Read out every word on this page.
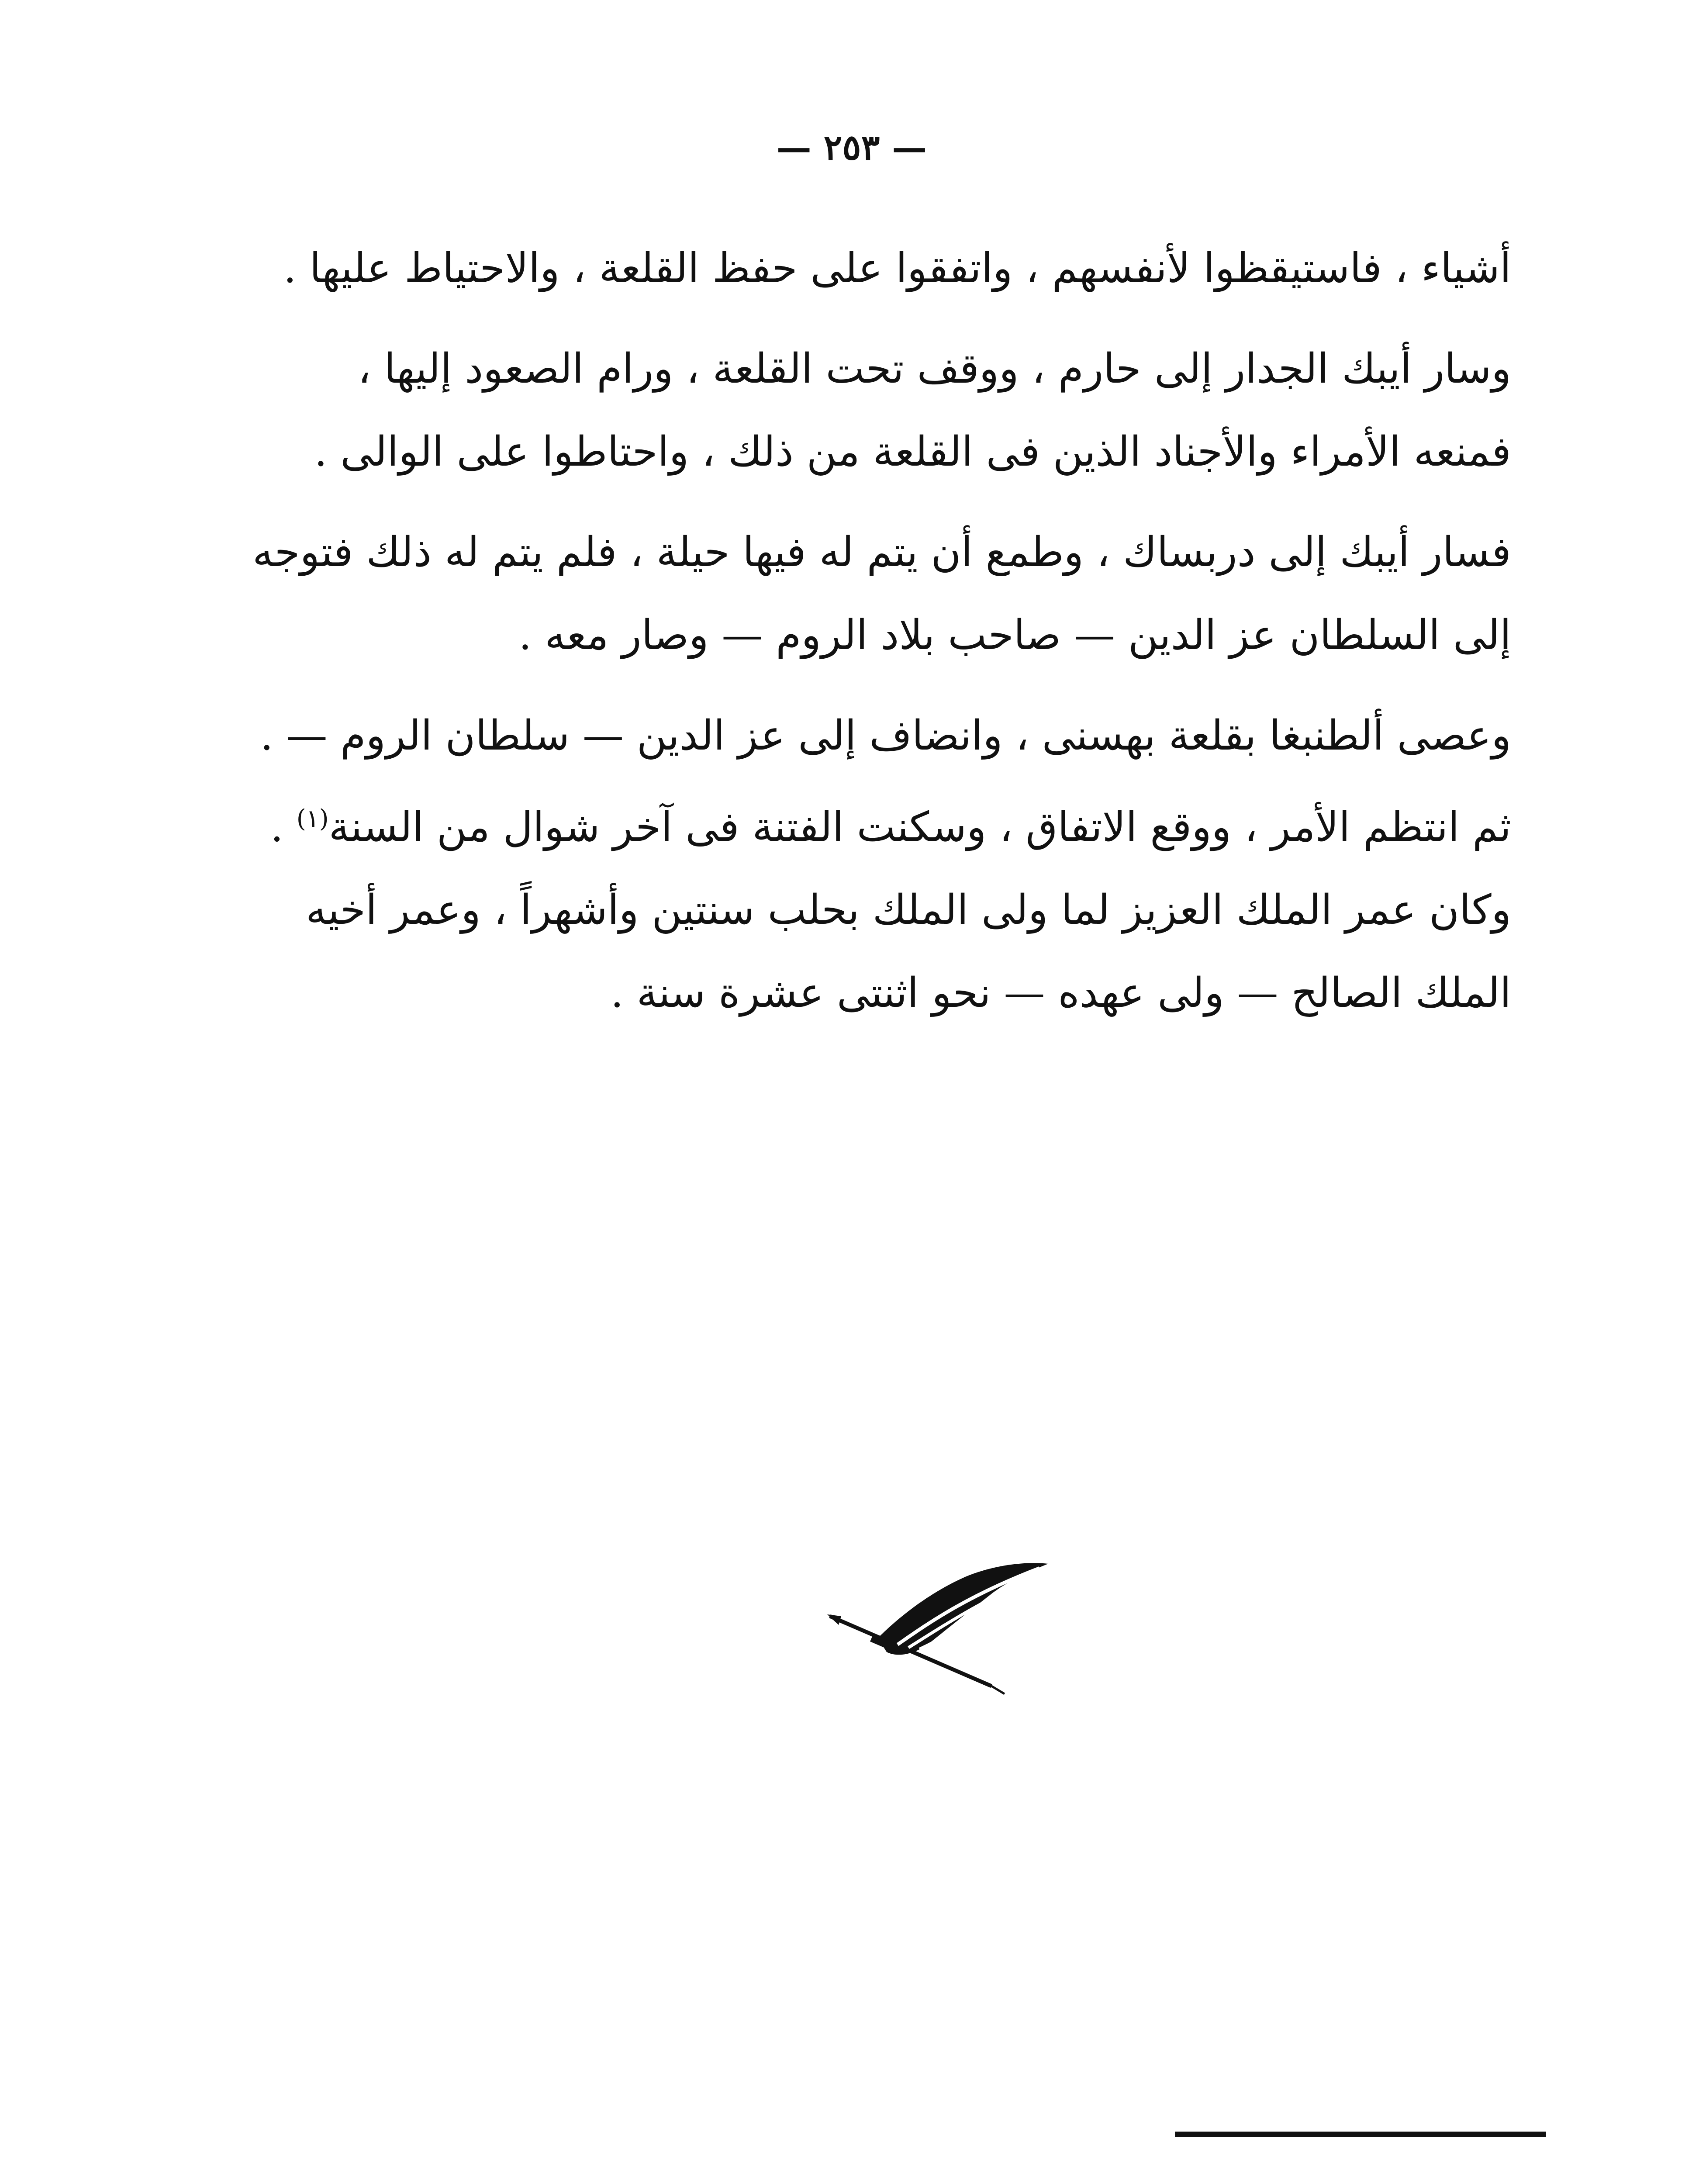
— ٢٥٣ —

أشياء ، فاستيقظوا لأنفسهم ، واتفقوا على حفظ القلعة ، والاحتياط عليها .

وسار أيبك الجدار إلى حارم ، ووقف تحت القلعة ، ورام الصعود إليها ،
فمنعه الأمراء والأجناد الذين فى القلعة من ذلك ، واحتاطوا على الوالى .

فسار أيبك إلى دربساك ، وطمع أن يتم له فيها حيلة ، فلم يتم له ذلك فتوجه
إلى السلطان عز الدين — صاحب بلاد الروم — وصار معه .

وعصى ألطنبغا بقلعة بهسنى ، وانضاف إلى عز الدين — سلطان الروم — .

ثم انتظم الأمر ، ووقع الاتفاق ، وسكنت الفتنة فى آخر شوال من السنة$^{(١)}$ .

وكان عمر الملك العزيز لما ولى الملك بحلب سنتين وأشهراً ، وعمر أخيه
الملك الصالح — ولى عهده — نحو اثنتى عشرة سنة .
